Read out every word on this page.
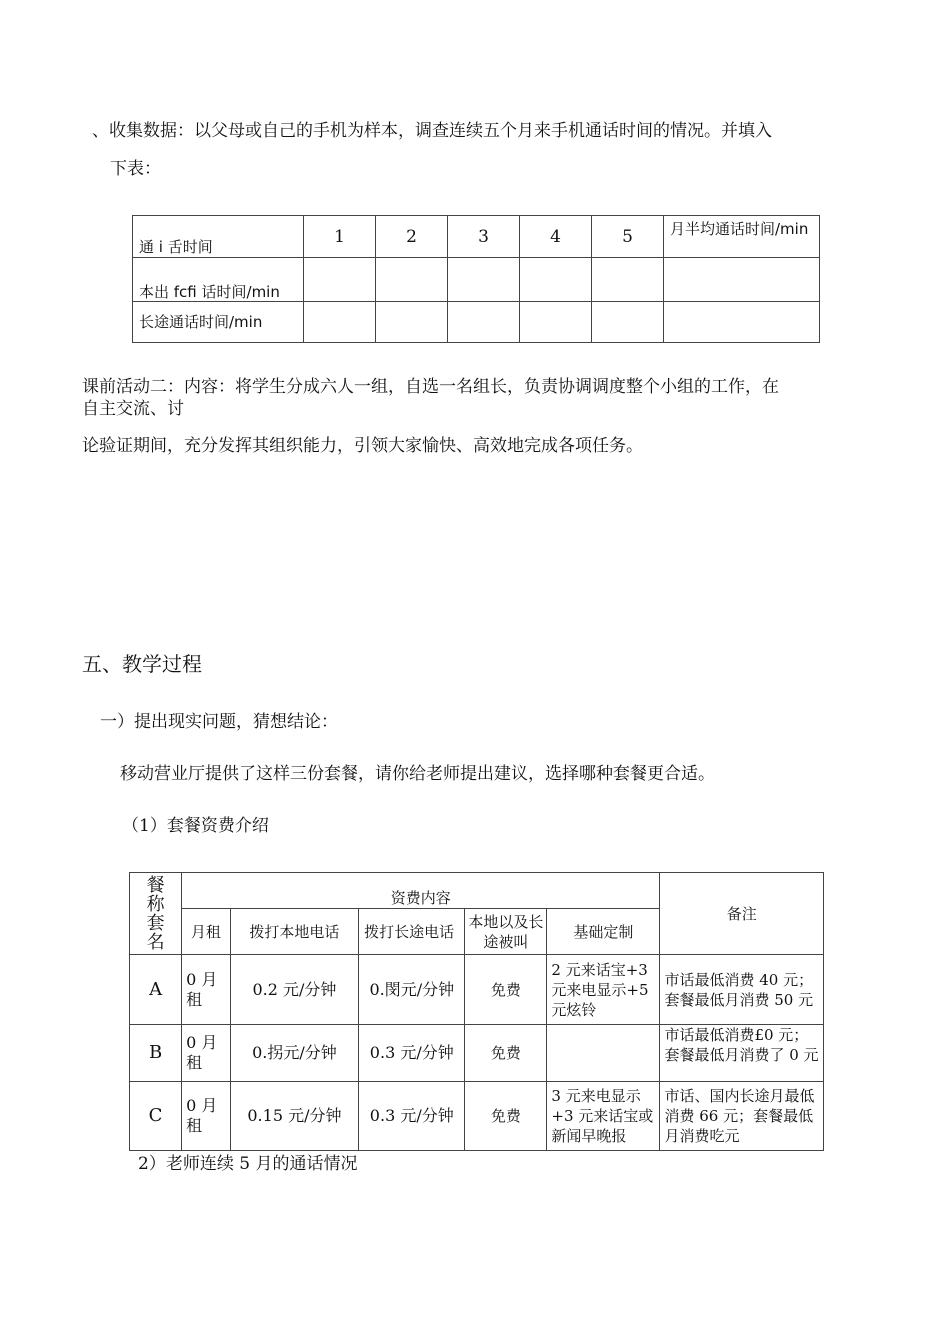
、收集数据：以父母或自己的手机为样本，调查连续五个月来手机通话时间的情况。并填入
下表：
通 i 舌时间	1	2	3	4	5	月半均通话时间/min

本出 fcfi 话时间/min						
长途通话时间/min						
课前活动二：内容：将学生分成六人一组，自选一名组长，负责协调调度整个小组的工作，在
自主交流、讨
论验证期间，充分发挥其组织能力，引领大家愉快、高效地完成各项任务。
五、教学过程
一）提出现实问题，猜想结论：
移动营业厅提供了这样三份套餐，请你给老师提出建议，选择哪种套餐更合适。
（1）套餐资费介绍
餐称套名	资费内容					备注
	月租	拨打本地电话	拨打长途电话	本地以及长途被叫	基础定制	
A	0 月租	0.2 元/分钟	0.閔元/分钟	免费	2 元来话宝+3 元来电显示+5 元炫铃	市话最低消费 40 元；套餐最低月消费 50 元
B	0 月租	0.拐元/分钟	0.3 元/分钟	免费		市话最低消费£0 元；套餐最低月消费了 0 元

C	0 月租	0.15 元/分钟	0.3 元/分钟	免费	3 元来电显示+3 元来话宝或新闻早晚报	市话、国内长途月最低消费 66 元；套餐最低月消费吃元
2）老师连续 5 月的通话情况
